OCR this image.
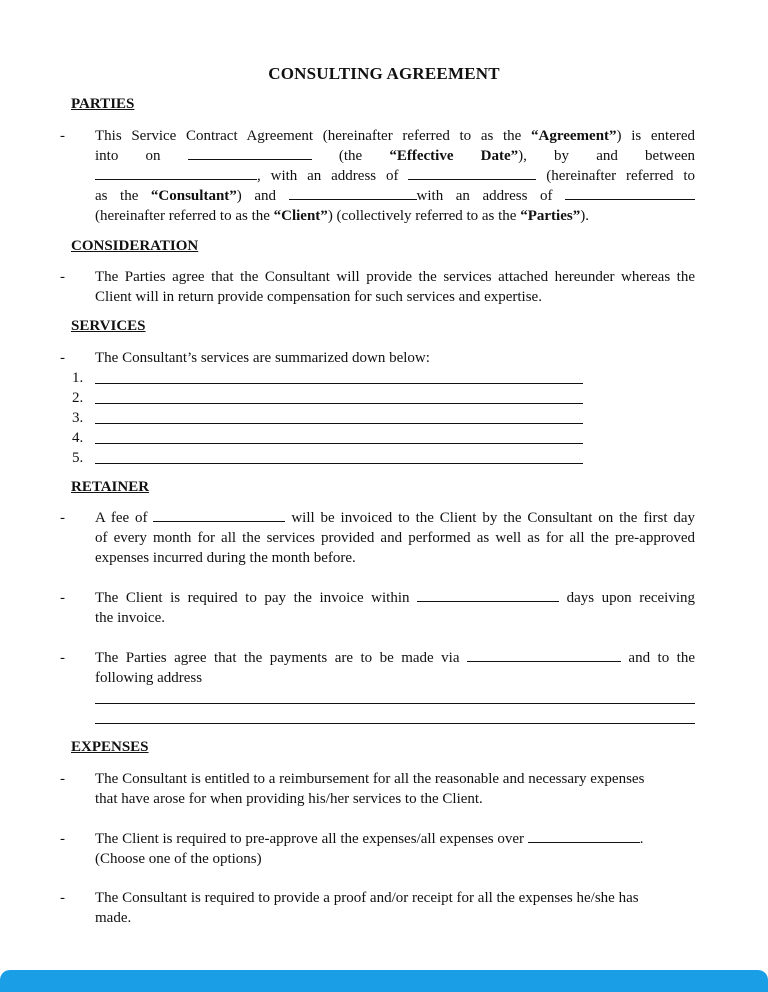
CONSULTING AGREEMENT
PARTIES
- This Service Contract Agreement (hereinafter referred to as the “Agreement”) is entered
into on	(the “Effective Date”), by and between
, with an address of	(hereinafter referred to
as the “Consultant”) and	with an address of
(hereinafter referred to as the “Client”) (collectively referred to as the “Parties”).
CONSIDERATION
- The Parties agree that the Consultant will provide the services attached hereunder whereas the Client will in return provide compensation for such services and expertise.
SERVICES
- The Consultant’s services are summarized down below:
1.
2.
3.
4.
5.
RETAINER
- A fee of	will be invoiced to the Client by the Consultant on the first day
of every month for all the services provided and performed as well as for all the pre-approved
expenses incurred during the month before.
- The Client is required to pay the invoice within	days upon receiving
the invoice.
- The Parties agree that the payments are to be made via	and to the
following address
EXPENSES
- The Consultant is entitled to a reimbursement for all the reasonable and necessary expenses
that have arose for when providing his/her services to the Client.
- The Client is required to pre-approve all the expenses/all expenses over	.
(Choose one of the options)
- The Consultant is required to provide a proof and/or receipt for all the expenses he/she has
made.
